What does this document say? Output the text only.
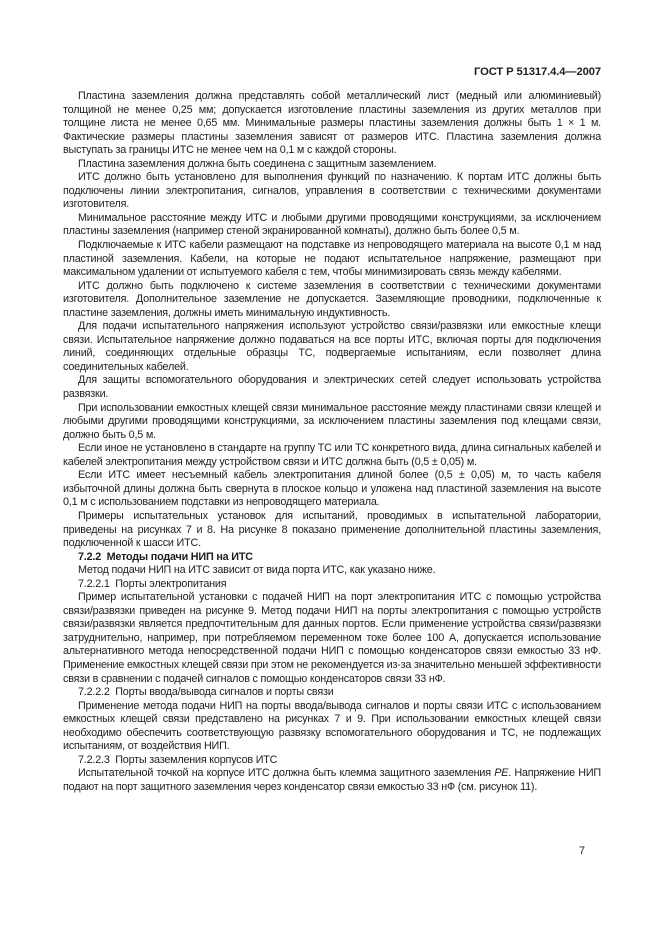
ГОСТ Р 51317.4.4—2007

Пластина заземления должна представлять собой металлический лист (медный или алюминиевый) толщиной не менее 0,25 мм; допускается изготовление пластины заземления из других металлов при толщине листа не менее 0,65 мм. Минимальные размеры пластины заземления должны быть 1 × 1 м. Фактические размеры пластины заземления зависят от размеров ИТС. Пластина заземления должна выступать за границы ИТС не менее чем на 0,1 м с каждой стороны.

Пластина заземления должна быть соединена с защитным заземлением.

ИТС должно быть установлено для выполнения функций по назначению. К портам ИТС должны быть подключены линии электропитания, сигналов, управления в соответствии с техническими документами изготовителя.

Минимальное расстояние между ИТС и любыми другими проводящими конструкциями, за исключением пластины заземления (например стеной экранированной комнаты), должно быть более 0,5 м.

Подключаемые к ИТС кабели размещают на подставке из непроводящего материала на высоте 0,1 м над пластиной заземления. Кабели, на которые не подают испытательное напряжение, размещают при максимальном удалении от испытуемого кабеля с тем, чтобы минимизировать связь между кабелями.

ИТС должно быть подключено к системе заземления в соответствии с техническими документами изготовителя. Дополнительное заземление не допускается. Заземляющие проводники, подключенные к пластине заземления, должны иметь минимальную индуктивность.

Для подачи испытательного напряжения используют устройство связи/развязки или емкостные клещи связи. Испытательное напряжение должно подаваться на все порты ИТС, включая порты для подключения линий, соединяющих отдельные образцы ТС, подвергаемые испытаниям, если позволяет длина соединительных кабелей.

Для защиты вспомогательного оборудования и электрических сетей следует использовать устройства развязки.

При использовании емкостных клещей связи минимальное расстояние между пластинами связи клещей и любыми другими проводящими конструкциями, за исключением пластины заземления под клещами связи, должно быть 0,5 м.

Если иное не установлено в стандарте на группу ТС или ТС конкретного вида, длина сигнальных кабелей и кабелей электропитания между устройством связи и ИТС должна быть (0,5 ± 0,05) м.

Если ИТС имеет несъемный кабель электропитания длиной более (0,5 ± 0,05) м, то часть кабеля избыточной длины должна быть свернута в плоское кольцо и уложена над пластиной заземления на высоте 0,1 м с использованием подставки из непроводящего материала.

Примеры испытательных установок для испытаний, проводимых в испытательной лаборатории, приведены на рисунках 7 и 8. На рисунке 8 показано применение дополнительной пластины заземления, подключенной к шасси ИТС.

7.2.2  Методы подачи НИП на ИТС

Метод подачи НИП на ИТС зависит от вида порта ИТС, как указано ниже.

7.2.2.1  Порты электропитания

Пример испытательной установки с подачей НИП на порт электропитания ИТС с помощью устройства связи/развязки приведен на рисунке 9. Метод подачи НИП на порты электропитания с помощью устройств связи/развязки является предпочтительным для данных портов. Если применение устройства связи/развязки затруднительно, например, при потребляемом переменном токе более 100 А, допускается использование альтернативного метода непосредственной подачи НИП с помощью конденсаторов связи емкостью 33 нФ. Применение емкостных клещей связи при этом не рекомендуется из-за значительно меньшей эффективности связи в сравнении с подачей сигналов с помощью конденсаторов связи 33 нФ.

7.2.2.2  Порты ввода/вывода сигналов и порты связи

Применение метода подачи НИП на порты ввода/вывода сигналов и порты связи ИТС с использованием емкостных клещей связи представлено на рисунках 7 и 9. При использовании емкостных клещей связи необходимо обеспечить соответствующую развязку вспомогательного оборудования и ТС, не подлежащих испытаниям, от воздействия НИП.

7.2.2.3  Порты заземления корпусов ИТС

Испытательной точкой на корпусе ИТС должна быть клемма защитного заземления PE. Напряжение НИП подают на порт защитного заземления через конденсатор связи емкостью 33 нФ (см. рисунок 11).

7
